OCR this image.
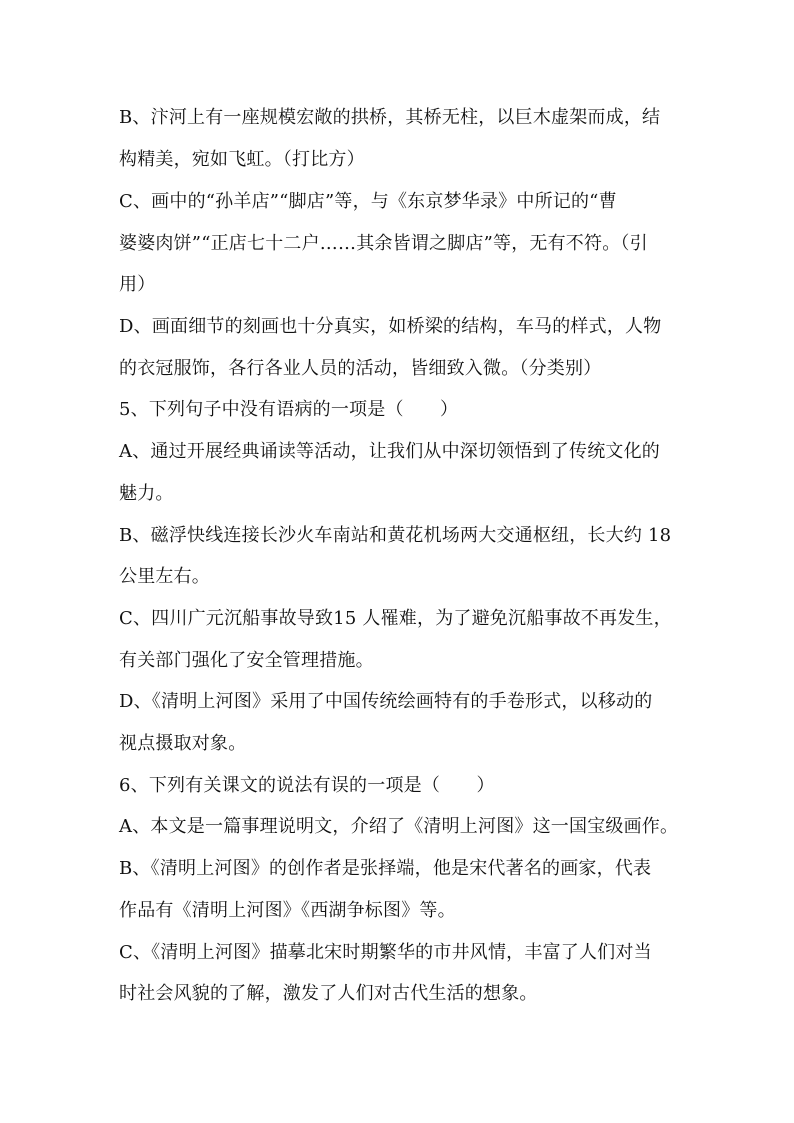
B、汴河上有一座规模宏敞的拱桥，其桥无柱，以巨木虚架而成，结
构精美，宛如飞虹。（打比方）
C、画中的“孙羊店”“脚店”等，与《东京梦华录》中所记的“曹
婆婆肉饼”“正店七十二户……其余皆谓之脚店”等，无有不符。（引
用）
D、画面细节的刻画也十分真实，如桥梁的结构，车马的样式，人物
的衣冠服饰，各行各业人员的活动，皆细致入微。（分类别）
5、下列句子中没有语病的一项是（　　）
A、通过开展经典诵读等活动，让我们从中深切领悟到了传统文化的
魅力。
B、磁浮快线连接长沙火车南站和黄花机场两大交通枢纽，长大约 18
公里左右。
C、四川广元沉船事故导致15 人罹难，为了避免沉船事故不再发生，
有关部门强化了安全管理措施。
D、《清明上河图》采用了中国传统绘画特有的手卷形式，以移动的
视点摄取对象。
6、下列有关课文的说法有误的一项是（　　）
A、本文是一篇事理说明文，介绍了《清明上河图》这一国宝级画作。
B、《清明上河图》的创作者是张择端，他是宋代著名的画家，代表
作品有《清明上河图》《西湖争标图》等。
C、《清明上河图》描摹北宋时期繁华的市井风情，丰富了人们对当
时社会风貌的了解，激发了人们对古代生活的想象。
